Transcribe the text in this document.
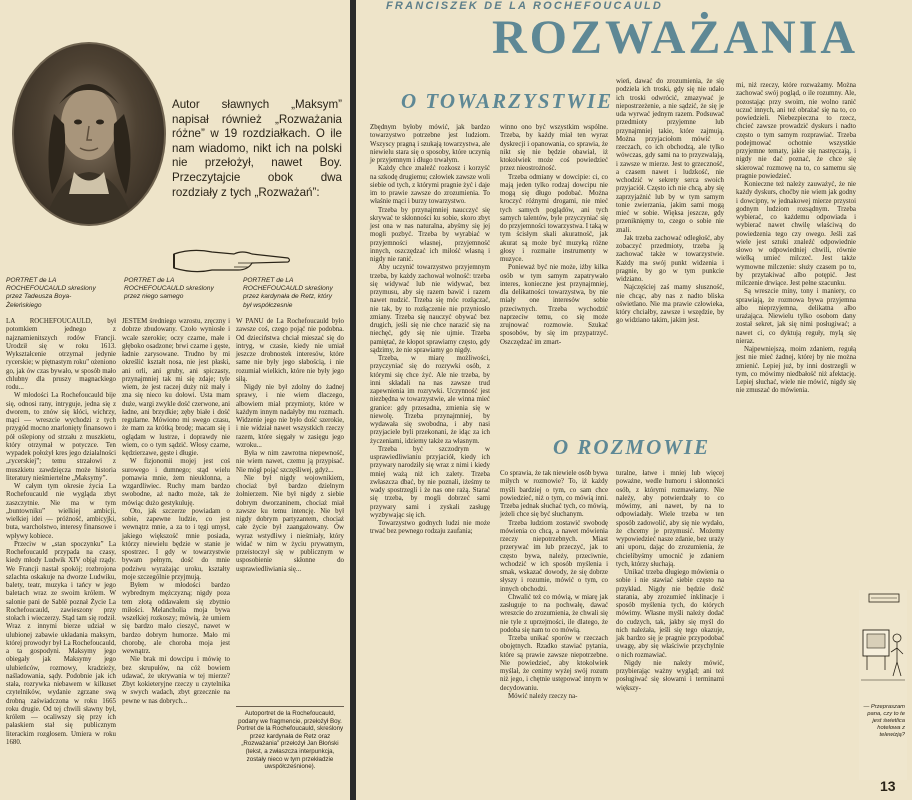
Autor sławnych „Maksym” napisał również „Rozważania różne” w 19 rozdziałkach. O ile nam wiadomo, nikt ich na polski nie przełożył, nawet Boy. Przeczytajcie obok dwa rozdziały z tych „Rozważań”:
PORTRET de LA ROCHEFOUCAULD skreślony przez Tadeusza Boya-Żeleńskiego
PORTRET de LA ROCHEFOUCAULD skreślony przez niego samego
PORTRET de LA ROCHEFOUCAULD skreślony przez kardynała de Retz, który był współczesnie

LA ROCHEFOUCAULD, był potomkiem jednego z najznamienitszych rodów Francji. Urodził się w roku 1613. Wykształcenie otrzymał jedynie rycerskie; w piętnastym roku" ożeniono go, jak ów czas bywało, w sposób mało chlubny dla pruszy magnackiego rodu...

W młodości La Rochefoucauld bije się, odnosi rany, intryguje, jedna się z dworem, to znów się kłóci, wichrzy, mąci — wreszcie wychodzi z tych przygód mocno znarlonięty finansowo i pół oślepiony od strzału z muszkietu, który otrzymał w potyczce. Ten wypadek położył kres jego działalności „rycerskiej”; temu strzałowi z muszkietu zawdzięcza może historia literatury nieśmiertelne „Maksymy”.

W całym tym okresie życia La Rochefoucauld nie wygląda zbyt zaszczytnie. Nie ma w tym „buntowniku” wielkiej ambicji, wielkiej idei — próżność, ambicyjki, buta, warcholstwo, interesy finansowe i wpływy kobiece.

Przeciw w „stan spoczynku” La Rochefoucauld przypada na czasy, kiedy młody Ludwik XIV objął rządy. We Francji nastał spokój; rozbrojona szlachta oskakuje na dworze Ludwiku, balety, teatr, muzyka i tańcy w jego baletach wraz ze swoim królem. W salonie pani de Sablé poznał Życie La Rochefoucauld, zawieszony przy stołach i wieczerzy. Stąd tam się rodził. Wraz z innymi bierze udział w ulubionej zabawie układania maksym, której prowodyr był La Rochefoucauld, a ta gospodyni. Maksymy jego obiegały jak Maksymy jego ulubieńców, rozmowy, kradzieży, naśladowania, sądy. Podobnie jak ich stała, rozrywka niebawem w kilkuset czytelników, wydanie zgrzane swą drobną zaświadczona w roku 1665 roku drugie. Od tej chwili sławny był, królem — ocaliwszy się przy ich pałaskiem stał się publicznym literackim rozgłosem. Umiera w roku 1680.

JESTEM średniego wzrostu, zręczny i dobrze zbudowany. Czoło wyniosłe i wcale szerokie; oczy czarne, małe i głęboko osadzone; brwi czarne i gęste, ładnie zarysowane. Trudno by mi określić kształt nosa, nie jest płaski, ani orli, ani gruby, ani spiczasty, przynajmniej tak mi się zdaje; tyle wiem, że jest raczej duży niż mały i zna się nieco ku dołowi. Usta mam duże, wargi zwykle dość czerwone, ani ładne, ani brzydkie; zęby białe i dość regularne. Mówiono mi swego czasu, że mam za krótką brodę; macam się i oglądam w lustrze, i doprawdy nie wiem, co o tym sądzić. Włosy czarne, kędzierzawe, gęste i długie.

W fizjonomii mojej jest coś surowego i dumnego; stąd wielu pomawia mnie, żem nieuklonna, a wzgardliwiec. Ruchy mam bardzo swobodne, aż nadto może, tak że mówiąc dużo gestykuluję.

Oto, jak szczerze powiadam o sobie, zapewne ludzie, co jest wewnątrz mnie, a za to i tęgi umysł, jakiego większość mnie posiada, którzy niewielu będzie w stanie je spostrzec. I gdy w towarzystwie bywam pełnym, dość do mnie podziwu wyrażając uroku, kształty moje szczególnie przyjmują.

Byłem w młodości bardzo wybrednym mężczyzną; nigdy poza tem złotą oddawałem się zbytnio miłości. Melancholia moja bywa wszelkiej rozkoszy; mówią, że umiem się bardzo mało cieszyć, nawet w bardzo dobrym humorze. Mało mi chorobę, ale choroba moja jest wewnątrz.

Nie brak mi dowcipu i mówię to bez skrupułów, na cóż bowiem udawać, że ukrywania w tej mierze? Zbyt kokieteryjne rzeczy u czytelnika w swych wadach, zbyt grzecznie na pewne w nas dobrych...

W PANU de La Rochefoucauld było zawsze coś, czego pojąć nie podobna. Od dzieciństwa chciał mieszać się do intryg, w czasie, kiedy nie umiał jeszcze drobnostek interesów, które same nie były jego słabością, i nie rozumiał wielkich, które nie były jego siłą.

Nigdy nie był zdolny do żadnej sprawy, i nie wiem dlaczego, albowiem miał przymioty, które w każdym innym nadałyby mu rozmach. Widzenie jego nie było dość szerokie, i nie widział nawet wszystkich rzeczy razem, które sięgały w zasięgu jego wzroku...

Była w nim zawrotna niepewność, nie wiem nawet, czemu ją przypisać. Nie mógł pojąć szczęśliwej, gdyż...

Nie był nigdy wojownikiem, chociaż był bardzo dzielnym żołnierzem. Nie był nigdy z siebie dobrym dworzaninem, chociaż miał zawsze ku temu intencję. Nie był nigdy dobrym partyzantem, chociaż całe życie był zaangażowany. Ów wyraz wstydliwy i nieśmiały, który widać w nim w życiu prywatnym, przeistoczył się w publicznym w usposobienie skłonne do usprawiedliwiania się...

Autoportret de la Rochefoucauld, podany we fragmencie, przełożył Boy. Portret de la Rochefoucauld, skreślony przez kardynała de Retz oraz „Rozważania” przełożył Jan Błoński (tekst, a zwłaszcza interpunkcja, zostały nieco w tym przekładzie uwspółcześnione).
FRANCISZEK DE LA ROCHEFOUCAULD
ROZWAŻANIA
O TOWARZYSTWIE
O ROZMOWIE

Zbędnym byłoby mówić, jak bardzo towarzystwo potrzebne jest ludziom. Wszyscy pragną i szukają towarzystwa, ale niewielu stara się o sposoby, które uczynią je przyjemnym i długo trwałym.

Każdy chce znaleźć rozkosz i korzyść na szkodę drugiemu; człowiek zawsze woli siebie od tych, z którymi pragnie żyć i daje im to prawie zawsze do zrozumienia. To właśnie mąci i burzy towarzystwo.

Trzeba by przynajmniej naucczyć się skrywać te skłonności ku sobie, skoro zbyt jest ona w nas naturalna, abyśmy się jej mogli pozbyć. Trzeba by wyrabiać w przyjemności własnej, przyjemność innych, oszczędzać ich miłość własną i nigdy nie ranić.

Aby uczynić towarzystwo przyjemnym trzeba, by każdy zachował wolność: trzeba się widywać lub nie widywać, bez przymusu, aby się razem bawić i razem nawet nudzić. Trzeba się móc rozłączać, nie tak, by to rozłączenie nie przyniosło zmiany. Trzeba się nauczyć obywać bez drugich, jeśli się nie chce narazić się na niechęć, gdy się nie ujmie. Trzeba pamiętać, że kłopot sprawiamy często, gdy sądzimy, że nie sprawiamy go nigdy.

Trzeba, w miarę możliwości, przyczyniać się do rozrywki osób, z którymi się chce żyć. Ale nie trzeba, by inni składali na nas zawsze trud zapewnienia im rozrywki. Uczynność jest niezbędna w towarzystwie, ale winna mieć granice: gdy przesadna, zmienia się w niewolę. Trzeba przynajmniej, by wydawała się swobodna, i aby nasi przyjaciele byli przekonani, że idąc za ich życzeniami, idziemy także za własnym.

Trzeba być szczodrym w usprawiedliwianiu przyjaciół, kiedy ich przywary narodziły się wraz z nimi i kiedy mniej ważą niż ich zalety. Trzeba zwłaszcza dbać, by nie poznali, iżeśmy te wady spostrzegli i że nas one rażą. Starać się trzeba, by mogli dobrzeć sami przywary sami i zyskali zasługę wyzbywając się ich.

Towarzystwo godnych ludzi nie może trwać bez pewnego rodzaju zaufania;

winno ono być wszystkim wspólne. Trzeba, by każdy miał ten wyraz dyskrecji i opanowania, co sprawia, że nikt się nie będzie obawiał, iż ktokolwiek może coś powiedzieć przez nieostrożność.

Trzeba odmiany w dowcipie: ci, co mają jeden tylko rodzaj dowcipu nie mogą się długo podobać. Można kroczyć różnymi drogami, nie mieć tych samych poglądów, ani tych samych talentów, byle przyczyniać się do przyjemności towarzystwa. I taką w tym ścisłym skali akuratność, jak akurat są może być muzyką różne głosy i rozmaite instrumenty w muzyce.

Ponieważ być nie może, iżby kilka osób w tym samym zapatrywało interes, konieczne jest przynajmniej, dla delikatności towarzystwa, by nie miały one interesów sobie przeciwnych. Trzeba wychodzić naprzeciw temu, co się może zrujnować rozmowie. Szukać sposobów, by się im przypatrzyć. Oszczędzać im zmart-

wień, dawać do zrozumienia, że się podziela ich troski, gdy się nie udało ich troski odwrócić, zmazywać je niepostrzeżenie, a nie sądzić, że się je uda wyrwać jednym razem. Podsuwać przedmioty przyjemne lub przynajmniej takie, które zajmują. Można przyjaciołom mówić o rzeczach, co ich obchodzą, ale tylko wówczas, gdy sami na to przyzwalają, i zawsze w mierze. Jest to grzeczność, a czasem nawet i ludzkość, nie wchodzić w sekrety serca swoich przyjaciół. Często ich nie chcą, aby się zaprzyjaźnić lub by w tym samym tonie zwierzania, jakim sami mogą mieć w sobie. Więksa jeszcze, gdy przeniknięmy to, czego o sobie nie znali.

Jak trzeba zachować odległość, aby zobaczyć przedmioty, trzeba ją zachować także w towarzystwie. Każdy ma swój punkt widzenia i pragnie, by go w tym punkcie widziano.

Najczęściej zaś mamy słuszność, nie chcąc, aby nas z nadto bliska oświetlano. Nie ma prawie człowieka, który chciałby, zawsze i wszędzie, by go widziano takim, jakim jest.

Co sprawia, że tak niewiele osób bywa miłych w rozmowie? To, iż każdy myśli bardziej o tym, co sam chce powiedzieć, niż o tym, co mówią inni. Trzeba jednak słuchać tych, co mówią, jeżeli chce się być słuchanym.

Trzeba ludziom zostawić swobodę mówienia co chcą, a nawet mówienia rzeczy niepotrzebnych. Miast przerywać im lub przeczyć, jak to często bywa, należy, przeciwnie, wchodzić w ich sposób myślenia i smak, wskazać dowody, że się dobrze słyszy i rozumie, mówić o tym, co innych obchodzi.

Chwalić też co mówią, w miarę jak zasługuje to na pochwałę, dawać wreszcie do zrozumienia, że chwali się nie tyle z uprzejmości, ile dlatego, że podoba się nam to co mówią.

Trzeba unikać sporów w rzeczach obojętnych. Rzadko stawiać pytania, które są prawie zawsze niepotrzebne. Nie powiedzieć, aby ktokolwiek myślał, że cenimy wyżej swój rozum niż jego, i chętnie ustępować innym w decydowaniu.

Mówić należy rzeczy na-

turalne, łatwe i mniej lub więcej poważne, wedle humoru i skłonności osób, z którymi rozmawiamy. Nie należy, aby potwierdzały to co mówimy, ani nawet, by na to odpowiadały. Wiele trzeba w ten sposób zadowolić, aby się nie wydało, że chcemy je przymusić. Możemy wypowiedzieć nasze zdanie, bez uraży ani uporu, dając do zrozumienia, że chcielibyśmy umocnić je zdaniem tych, którzy słuchają.

Unikać trzeba długiego mówienia o sobie i nie stawiać siebie często na przykład. Nigdy nie będzie dość starania, aby zrozumieć inklinacje i sposób myślenia tych, do których mówimy. Własne myśli należy dodać do cudzych, tak, jakby się myśl do nich należała, jeśli się tego okazuje, jak bardzo się je pragnie przypodobać uwagę, aby się właściwie przychylnie o nich rozmawiać.

Nigdy nie należy mówić, przybierając ważny wygląd; ani też posługiwać się słowami i terminami większy-

mi, niż rzeczy, które rozważamy. Można zachować swój pogląd, o ile rozumny. Ale, pozostając przy swoim, nie wolno ranić uczuć innych, ani też obrażać się na to, co powiedzieli. Niebezpieczna to rzecz, chcieć zawsze prowadzić dyskurs i nadto często o tym samym rozprawiać. Trzeba podejmować ochotnie wszystkie przyjemne tematy, jakie się nastręczają, i nigdy nie dać poznać, że chce się skierować rozmowę na to, co samemu się pragnie powiedzieć.

Konieczne też należy zauważyć, że nie każdy dyskurs, choćby nie wiem jak godny i dowcipny, w jednakowej mierze przystoi godnym ludziom rozsądnym. Trzeba wybierać, co każdemu odpowiada i wybierać nawet chwilę właściwą do powiedzenia tego czy owego. Jeśli zaś wiele jest sztuki znaleźć odpowiednie słowo w odpowiedniej chwili, równie wielką umieć milczeć. Jest także wymowne milczenie: służy czasem po to, by przytakiwać albo potępić. Jest milczenie drwiące. Jest pełne szacunku.

Są wreszcie miny, tony i maniery, co sprawiają, że rozmowa bywa przyjemna albo nieprzyjemna, delikatna albo urażająca. Niewielu tylko osobom dany został sekret, jak się nimi posługiwać; a nawet ci, co dyktują reguły, mylą się nieraz.

Najpewniejszą, moim zdaniem, regułą jest nie mieć żadnej, której by nie można zmienić. Lepiej już, by inni dostrzegli w tym, co mówimy niedbałość niż afektację. Lepiej słuchać, wiele nie mówić, nigdy się nie zmuszać do mówienia.

— Przepraszam pana, czy to te jest świetlica hotelowa z telewizją?
13
